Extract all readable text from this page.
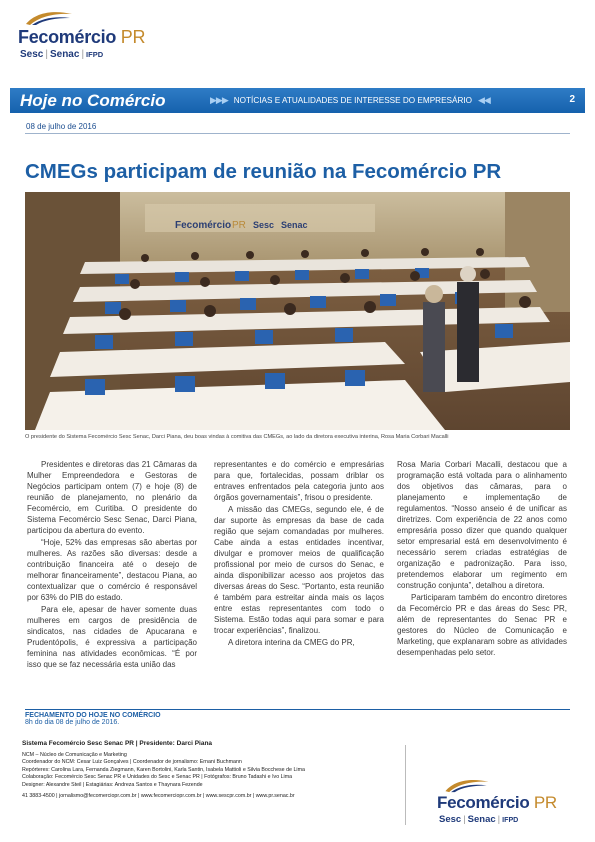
Fecomércio PR
Sesc | Senac | IFPD
Hoje no Comércio	▶▶▶ NOTÍCIAS E ATUALIDADES DE INTERESSE DO EMPRESÁRIO ◀◀	2
08 de julho de 2016
CMEGs participam de reunião na Fecomércio PR
Fecomércio PR Sesc Senac
O presidente do Sistema Fecomércio Sesc Senac, Darci Piana, deu boas vindas à comitiva das CMEGs, ao lado da diretora executiva interina, Rosa Maria Corbari Macalli

Presidentes e diretoras das 21 Câmaras da Mulher Empreendedora e Gestoras de Negócios participam ontem (7) e hoje (8) de reunião de planejamento, no plenário da Fecomércio, em Curitiba. O presidente do Sistema Fecomércio Sesc Senac, Darci Piana, participou da abertura do evento.

“Hoje, 52% das empresas são abertas por mulheres. As razões são diversas: desde a contribuição financeira até o desejo de melhorar financeiramente”, destacou Piana, ao contextualizar que o comércio é responsável por 63% do PIB do estado.

Para ele, apesar de haver somente duas mulheres em cargos de presidência de sindicatos, nas cidades de Apucarana e Prudentópolis, é expressiva a participação feminina nas atividades econômicas. “É por isso que se faz necessária esta união das

representantes e do comércio e empresárias para que, fortalecidas, possam driblar os entraves enfrentados pela categoria junto aos órgãos governamentais”, frisou o presidente.

A missão das CMEGs, segundo ele, é de dar suporte às empresas da base de cada região que sejam comandadas por mulheres. Cabe ainda a estas entidades incentivar, divulgar e promover meios de qualificação profissional por meio de cursos do Senac, e ainda disponibilizar acesso aos projetos das diversas áreas do Sesc. “Portanto, esta reunião é também para estreitar ainda mais os laços entre estas representantes com todo o Sistema. Estão todas aqui para somar e para trocar experiências”, finalizou.

A diretora interina da CMEG do PR,

Rosa Maria Corbari Macalli, destacou que a programação está voltada para o alinhamento dos objetivos das câmaras, para o planejamento e implementação de regulamentos. “Nosso anseio é de unificar as diretrizes. Com experiência de 22 anos como empresária posso dizer que quando qualquer setor empresarial está em desenvolvimento é necessário serem criadas estratégias de organização e padronização. Para isso, pretendemos elaborar um regimento em construção conjunta”, detalhou a diretora.

Participaram também do encontro diretores da Fecomércio PR e das áreas do Sesc PR, além de representantes do Senac PR e gestores do Núcleo de Comunicação e Marketing, que explanaram sobre as atividades desempenhadas pelo setor.

FECHAMENTO DO HOJE NO COMÉRCIO
8h do dia 08 de julho de 2016.
Sistema Fecomércio Sesc Senac PR | Presidente: Darci Piana
NCM – Núcleo de Comunicação e Marketing
Coordenador do NCM: Cesar Luiz Gonçalves | Coordenador de jornalismo: Ernani Buchmann
Repórteres: Carolina Lara, Fernanda Ziegmann, Karen Bortolini, Karla Santin, Isabela Mattioli e Silvia Bocchese de Lima
Colaboração: Fecomércio Sesc Senac PR e Unidades do Sesc e Senac PR | Fotógrafos: Bruno Tadashi e Ivo Lima
Designer: Alexandre Steil | Estagiárias: Andreza Santos e Thaynara Fezende
41 3883-4500 | jornalismo@fecomerciopr.com.br | www.fecomerciopr.com.br | www.sescpr.com.br | www.pr.senac.br	Fecomércio PR
Sesc | Senac | IFPD
